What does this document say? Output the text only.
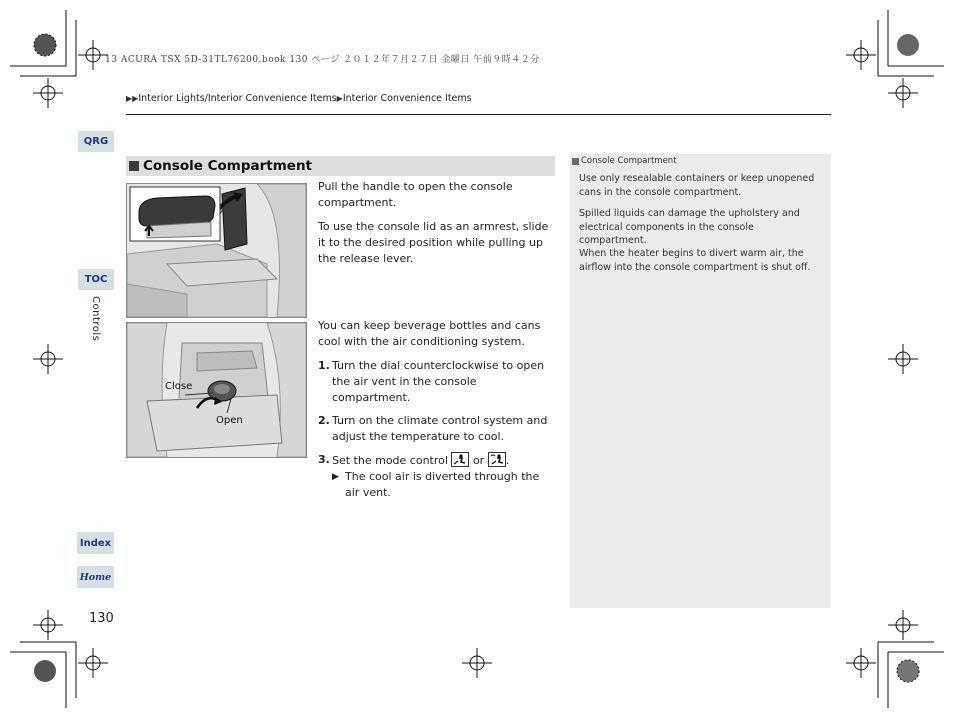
13 ACURA TSX 5D-31TL76200.book 130 ページ ２０１２年７月２７日 金曜日 午前９時４２分
▶▶Interior Lights/Interior Convenience Items▶Interior Convenience Items
QRG
TOC
Controls
Index
Home
Console Compartment
Close
Open

Pull the handle to open the console compartment.

To use the console lid as an armrest, slide it to the desired position while pulling up the release lever.

You can keep beverage bottles and cans cool with the air conditioning system.

1. Turn the dial counterclockwise to open the air vent in the console compartment.
2. Turn on the climate control system and adjust the temperature to cool.
3. Set the mode control or .
▶ The cool air is diverted through the air vent.
Console Compartment
Use only resealable containers or keep unopened cans in the console compartment.
Spilled liquids can damage the upholstery and electrical components in the console compartment.
When the heater begins to divert warm air, the airflow into the console compartment is shut off.
130
